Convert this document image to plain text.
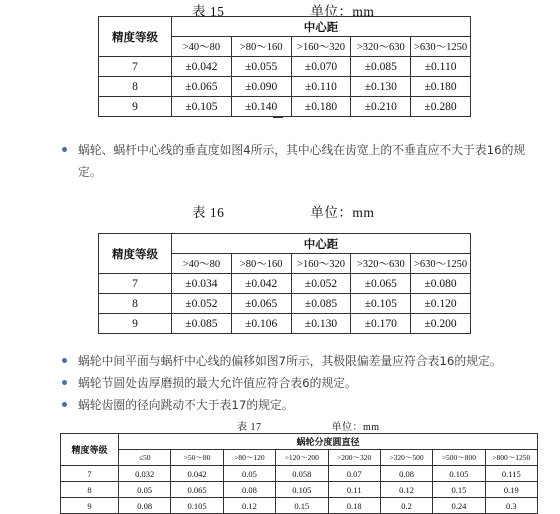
表 15	单位：mm
精度等级	中心距				
	>40～80	>80～160	>160～320	>320～630	>630～1250
7	±0.042	±0.055	±0.070	±0.085	±0.110
8	±0.065	±0.090	±0.110	±0.130	±0.180
9	±0.105	±0.140	±0.180	±0.210	±0.280
蜗轮、蜗杆中心线的垂直度如图4所示，其中心线在齿宽上的不垂直应不大于表16的规定。
表 16	单位：mm
精度等级	中心距				
	>40～80	>80～160	>160～320	>320～630	>630～1250
7	±0.034	±0.042	±0.052	±0.065	±0.080
8	±0.052	±0.065	±0.085	±0.105	±0.120
9	±0.085	±0.106	±0.130	±0.170	±0.200
蜗轮中间平面与蜗杆中心线的偏移如图7所示，其极限偏差量应符合表16的规定。
蜗轮节圆处齿厚磨损的最大允许值应符合表6的规定。
蜗轮齿圈的径向跳动不大于表17的规定。
表 17	单位：mm
精度等级	蜗轮分度圆直径							
	≤50	>50～80	>80～120	>120～200	>200～320	>320～500	>500～800	>800～1250
7	0.032	0.042	0.05	0.058	0.07	0.08	0.105	0.115
8	0.05	0.065	0.08	0.105	0.11	0.12	0.15	0.19
9	0.08	0.105	0.12	0.15	0.18	0.2	0.24	0.3
